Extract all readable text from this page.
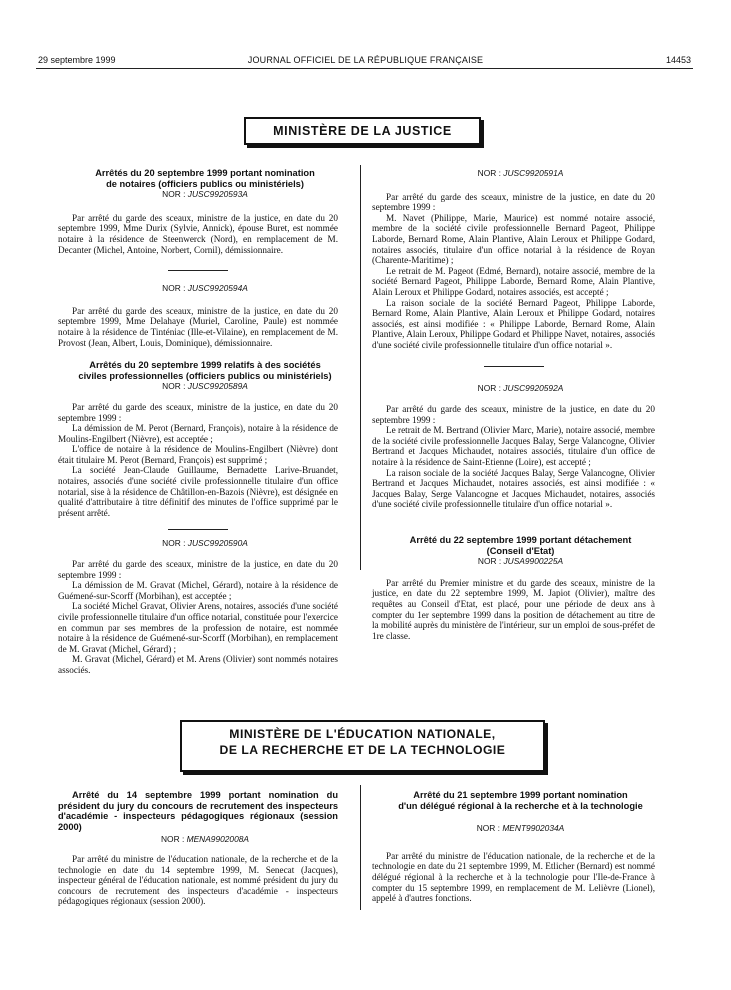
29 septembre 1999	JOURNAL OFFICIEL DE LA RÉPUBLIQUE FRANÇAISE	14453
MINISTÈRE DE LA JUSTICE

Arrêtés du 20 septembre 1999 portant nomination

de notaires (officiers publics ou ministériels)

NOR : JUSC9920593A

Par arrêté du garde des sceaux, ministre de la justice, en date du 20 septembre 1999, Mme Durix (Sylvie, Annick), épouse Buret, est nommée notaire à la résidence de Steenwerck (Nord), en remplacement de M. Decanter (Michel, Antoine, Norbert, Cornil), démissionnaire.

NOR : JUSC9920594A

Par arrêté du garde des sceaux, ministre de la justice, en date du 20 septembre 1999, Mme Delahaye (Muriel, Caroline, Paule) est nommée notaire à la résidence de Tinténiac (Ille-et-Vilaine), en remplacement de M. Provost (Jean, Albert, Louis, Dominique), démissionnaire.

Arrêtés du 20 septembre 1999 relatifs à des sociétés

civiles professionnelles (officiers publics ou ministériels)

NOR : JUSC9920589A

Par arrêté du garde des sceaux, ministre de la justice, en date du 20 septembre 1999 :

La démission de M. Perot (Bernard, François), notaire à la résidence de Moulins-Engilbert (Nièvre), est acceptée ;

L'office de notaire à la résidence de Moulins-Engilbert (Nièvre) dont était titulaire M. Perot (Bernard, François) est supprimé ;

La société Jean-Claude Guillaume, Bernadette Larive-Bruandet, notaires, associés d'une société civile professionnelle titulaire d'un office notarial, sise à la résidence de Châtillon-en-Bazois (Nièvre), est désignée en qualité d'attributaire à titre définitif des minutes de l'office supprimé par le présent arrêté.

NOR : JUSC9920590A

Par arrêté du garde des sceaux, ministre de la justice, en date du 20 septembre 1999 :

La démission de M. Gravat (Michel, Gérard), notaire à la résidence de Guémené-sur-Scorff (Morbihan), est acceptée ;

La société Michel Gravat, Olivier Arens, notaires, associés d'une société civile professionnelle titulaire d'un office notarial, constituée pour l'exercice en commun par ses membres de la profession de notaire, est nommée notaire à la résidence de Guémené-sur-Scorff (Morbihan), en remplacement de M. Gravat (Michel, Gérard) ;

M. Gravat (Michel, Gérard) et M. Arens (Olivier) sont nommés notaires associés.

NOR : JUSC9920591A

Par arrêté du garde des sceaux, ministre de la justice, en date du 20 septembre 1999 :

M. Navet (Philippe, Marie, Maurice) est nommé notaire associé, membre de la société civile professionnelle Bernard Pageot, Philippe Laborde, Bernard Rome, Alain Plantive, Alain Leroux et Philippe Godard, notaires associés, titulaire d'un office notarial à la résidence de Royan (Charente-Maritime) ;

Le retrait de M. Pageot (Edmé, Bernard), notaire associé, membre de la société Bernard Pageot, Philippe Laborde, Bernard Rome, Alain Plantive, Alain Leroux et Philippe Godard, notaires associés, est accepté ;

La raison sociale de la société Bernard Pageot, Philippe Laborde, Bernard Rome, Alain Plantive, Alain Leroux et Philippe Godard, notaires associés, est ainsi modifiée : « Philippe Laborde, Bernard Rome, Alain Plantive, Alain Leroux, Philippe Godard et Philippe Navet, notaires, associés d'une société civile professionnelle titulaire d'un office notarial ».

NOR : JUSC9920592A

Par arrêté du garde des sceaux, ministre de la justice, en date du 20 septembre 1999 :

Le retrait de M. Bertrand (Olivier Marc, Marie), notaire associé, membre de la société civile professionnelle Jacques Balay, Serge Valancogne, Olivier Bertrand et Jacques Michaudet, notaires associés, titulaire d'un office de notaire à la résidence de Saint-Etienne (Loire), est accepté ;

La raison sociale de la société Jacques Balay, Serge Valancogne, Olivier Bertrand et Jacques Michaudet, notaires associés, est ainsi modifiée : « Jacques Balay, Serge Valancogne et Jacques Michaudet, notaires, associés d'une société civile professionnelle titulaire d'un office notarial ».

Arrêté du 22 septembre 1999 portant détachement

(Conseil d'Etat)

NOR : JUSA9900225A

Par arrêté du Premier ministre et du garde des sceaux, ministre de la justice, en date du 22 septembre 1999, M. Japiot (Olivier), maître des requêtes au Conseil d'Etat, est placé, pour une période de deux ans à compter du 1er septembre 1999 dans la position de détachement au titre de la mobilité auprès du ministère de l'intérieur, sur un emploi de sous-préfet de 1re classe.

MINISTÈRE DE L'ÉDUCATION NATIONALE,
DE LA RECHERCHE ET DE LA TECHNOLOGIE

Arrêté du 14 septembre 1999 portant nomination du président du jury du concours de recrutement des inspecteurs d'académie - inspecteurs pédagogiques régionaux (session 2000)

NOR : MENA9902008A

Par arrêté du ministre de l'éducation nationale, de la recherche et de la technologie en date du 14 septembre 1999, M. Senecat (Jacques), inspecteur général de l'éducation nationale, est nommé président du jury du concours de recrutement des inspecteurs d'académie - inspecteurs pédagogiques régionaux (session 2000).

Arrêté du 21 septembre 1999 portant nomination

d'un délégué régional à la recherche et à la technologie

NOR : MENT9902034A

Par arrêté du ministre de l'éducation nationale, de la recherche et de la technologie en date du 21 septembre 1999, M. Etlicher (Bernard) est nommé délégué régional à la recherche et à la technologie pour l'Ile-de-France à compter du 15 septembre 1999, en remplacement de M. Lelièvre (Lionel), appelé à d'autres fonctions.
